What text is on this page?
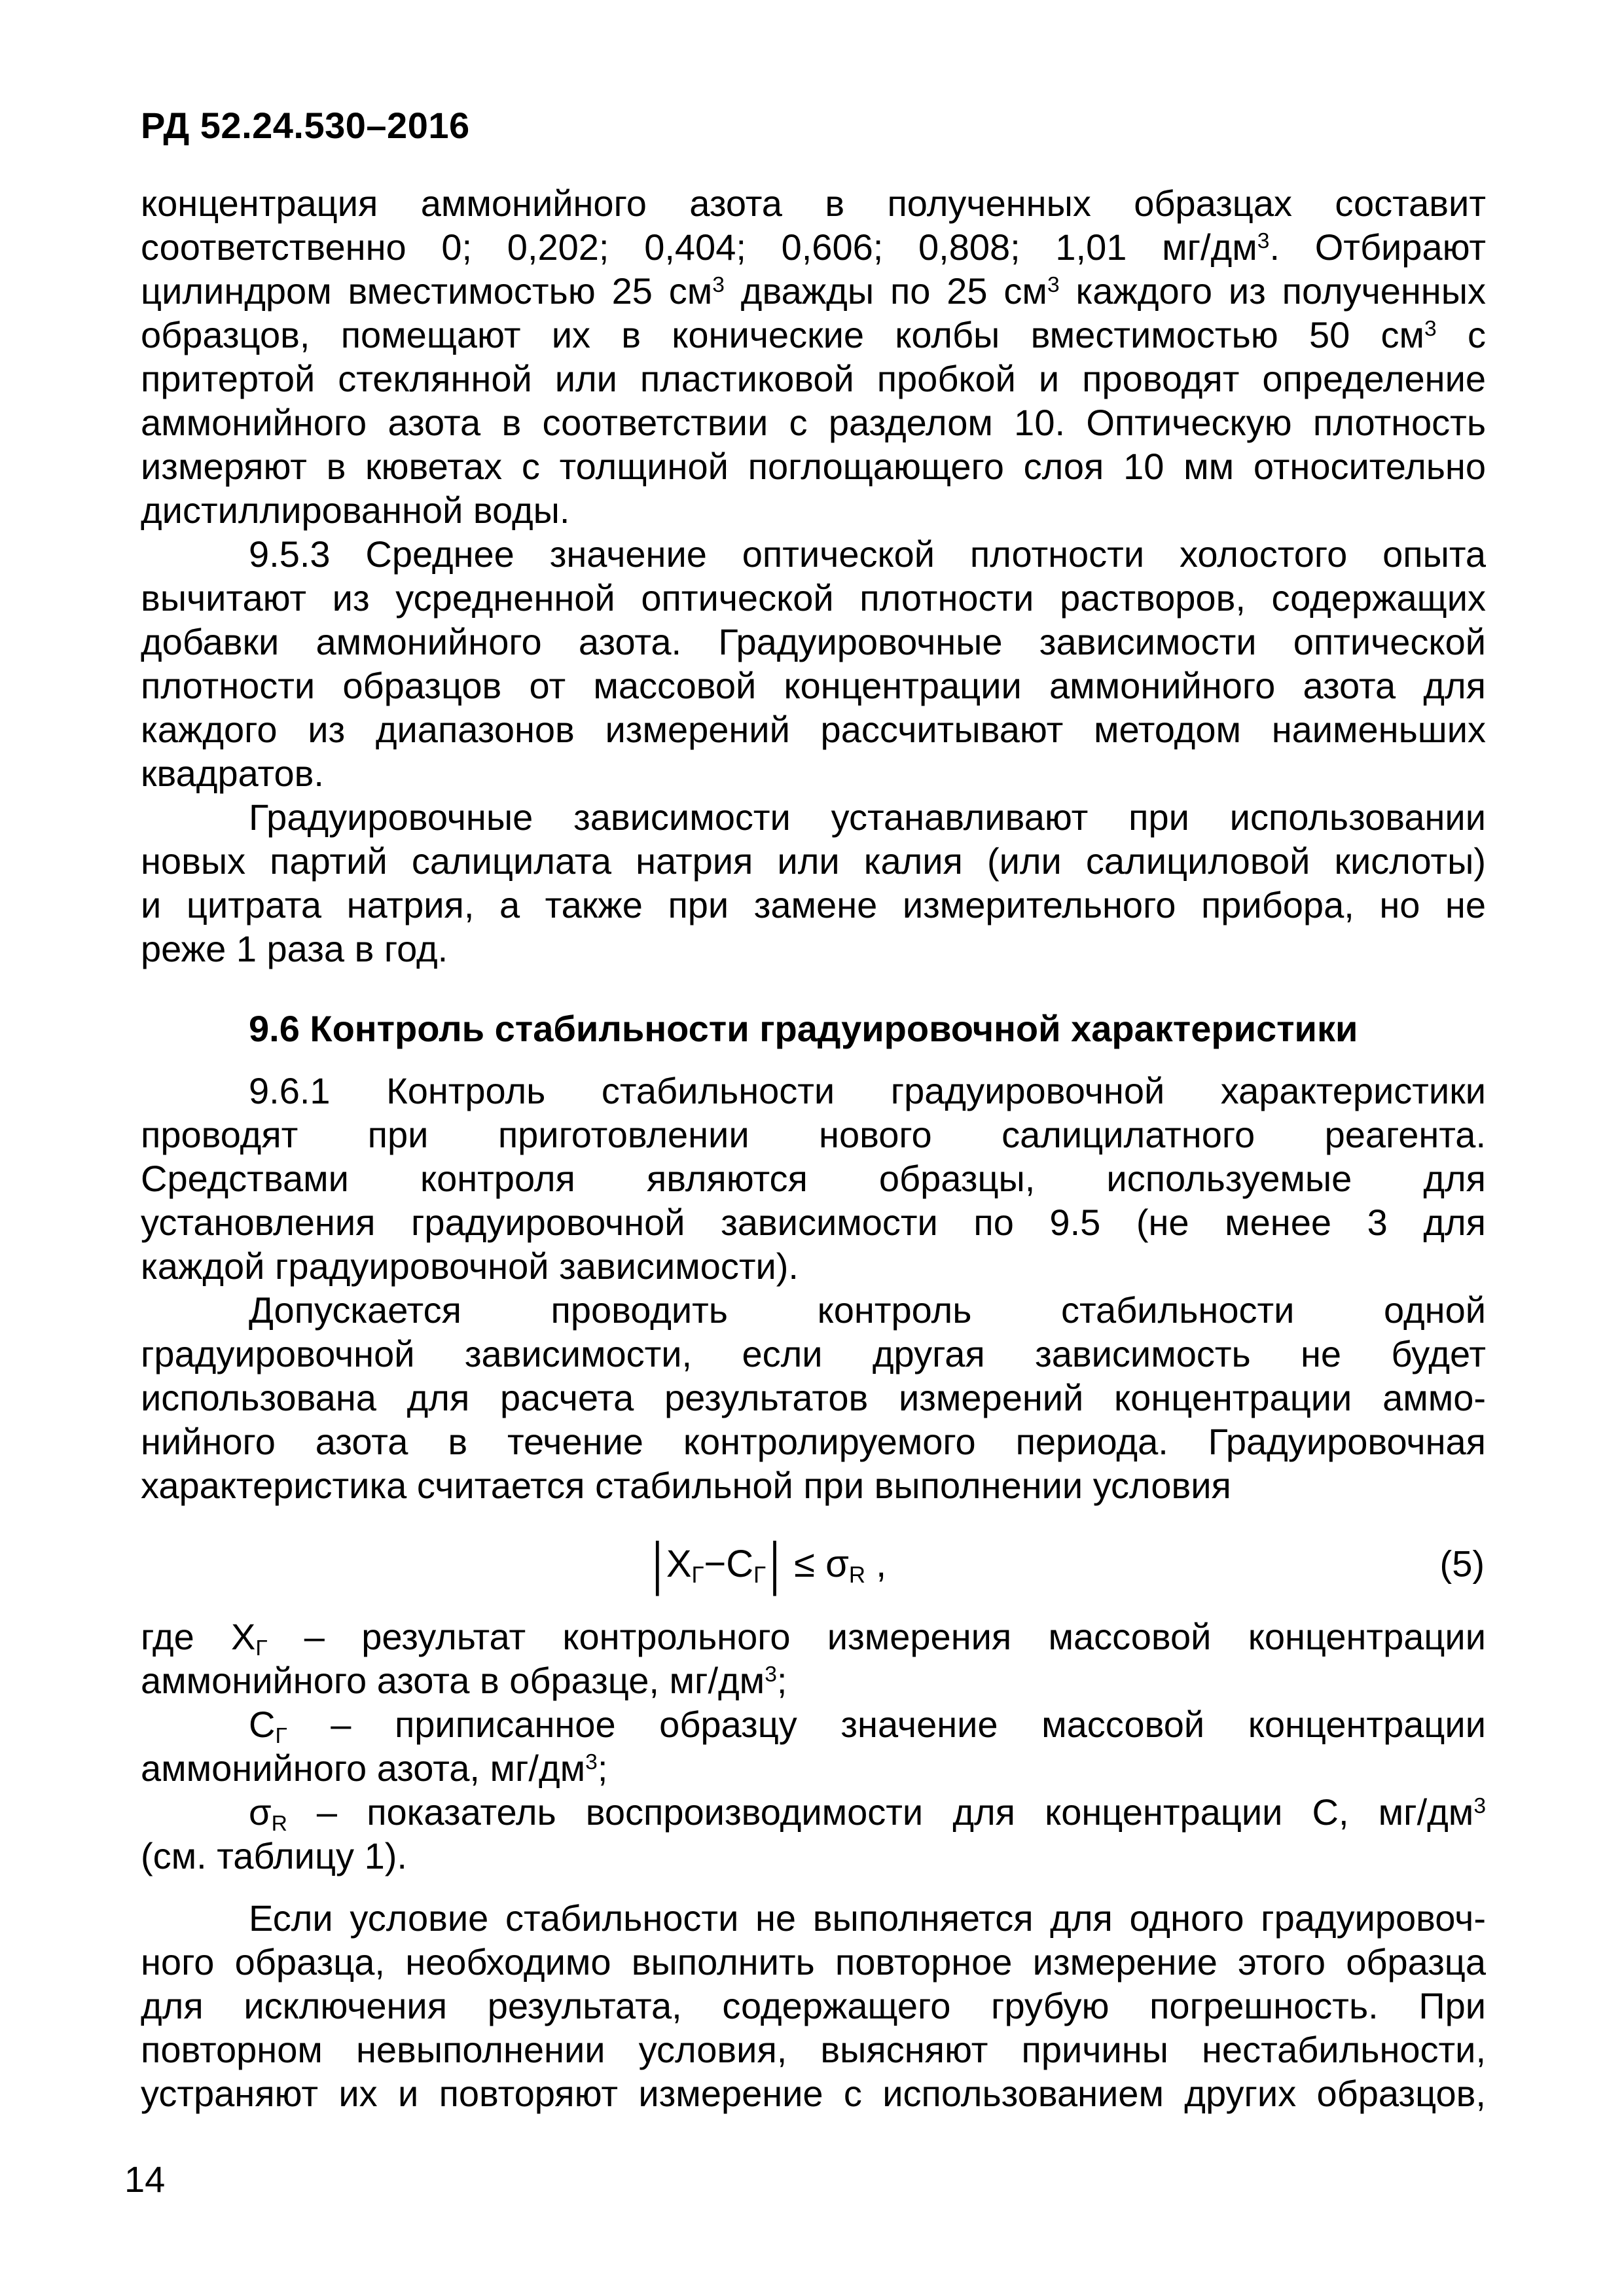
РД 52.24.530–2016
концентрация аммонийного азота в полученных образцах составит
соответственно 0; 0,202; 0,404; 0,606; 0,808; 1,01 $мг/дм^3$. Отбирают
цилиндром вместимостью 25 $см^3$ дважды по 25 $см^3$ каждого из полученных
образцов, помещают их в конические колбы вместимостью 50 $см^3$ с
притертой стеклянной или пластиковой пробкой и проводят определение
аммонийного азота в соответствии с разделом 10. Оптическую плотность
измеряют в кюветах с толщиной поглощающего слоя 10 мм относительно
дистиллированной воды.
9.5.3 Среднее значение оптической плотности холостого опыта
вычитают из усредненной оптической плотности растворов, содержащих
добавки аммонийного азота. Градуировочные зависимости оптической
плотности образцов от массовой концентрации аммонийного азота для
каждого из диапазонов измерений рассчитывают методом наименьших
квадратов.
Градуировочные зависимости устанавливают при использовании
новых партий салицилата натрия или калия (или салициловой кислоты)
и цитрата натрия, а также при замене измерительного прибора, но не
реже 1 раза в год.
9.6 Контроль стабильности градуировочной характеристики
9.6.1 Контроль стабильности градуировочной характеристики
проводят при приготовлении нового салицилатного реагента.
Средствами контроля являются образцы, используемые для
установления градуировочной зависимости по 9.5 (не менее 3 для
каждой градуировочной зависимости).
Допускается проводить контроль стабильности одной
градуировочной зависимости, если другая зависимость не будет
использована для расчета результатов измерений концентрации аммо-
нийного азота в течение контролируемого периода. Градуировочная
характеристика считается стабильной при выполнении условия
| $Х_Г-С_Г$ | ≤ $\sigma_R$ ,	(5)
где $Х_Г$ – результат контрольного измерения массовой концентрации
аммонийного азота в образце, $мг/дм^3$;
$С_Г$ – приписанное образцу значение массовой концентрации
аммонийного азота, $мг/дм^3$;
$\sigma_R$ – показатель воспроизводимости для концентрации С, $мг/дм^3$
(см. таблицу 1).
Если условие стабильности не выполняется для одного градуировоч-
ного образца, необходимо выполнить повторное измерение этого образца
для исключения результата, содержащего грубую погрешность. При
повторном невыполнении условия, выясняют причины нестабильности,
устраняют их и повторяют измерение с использованием других образцов,
14
